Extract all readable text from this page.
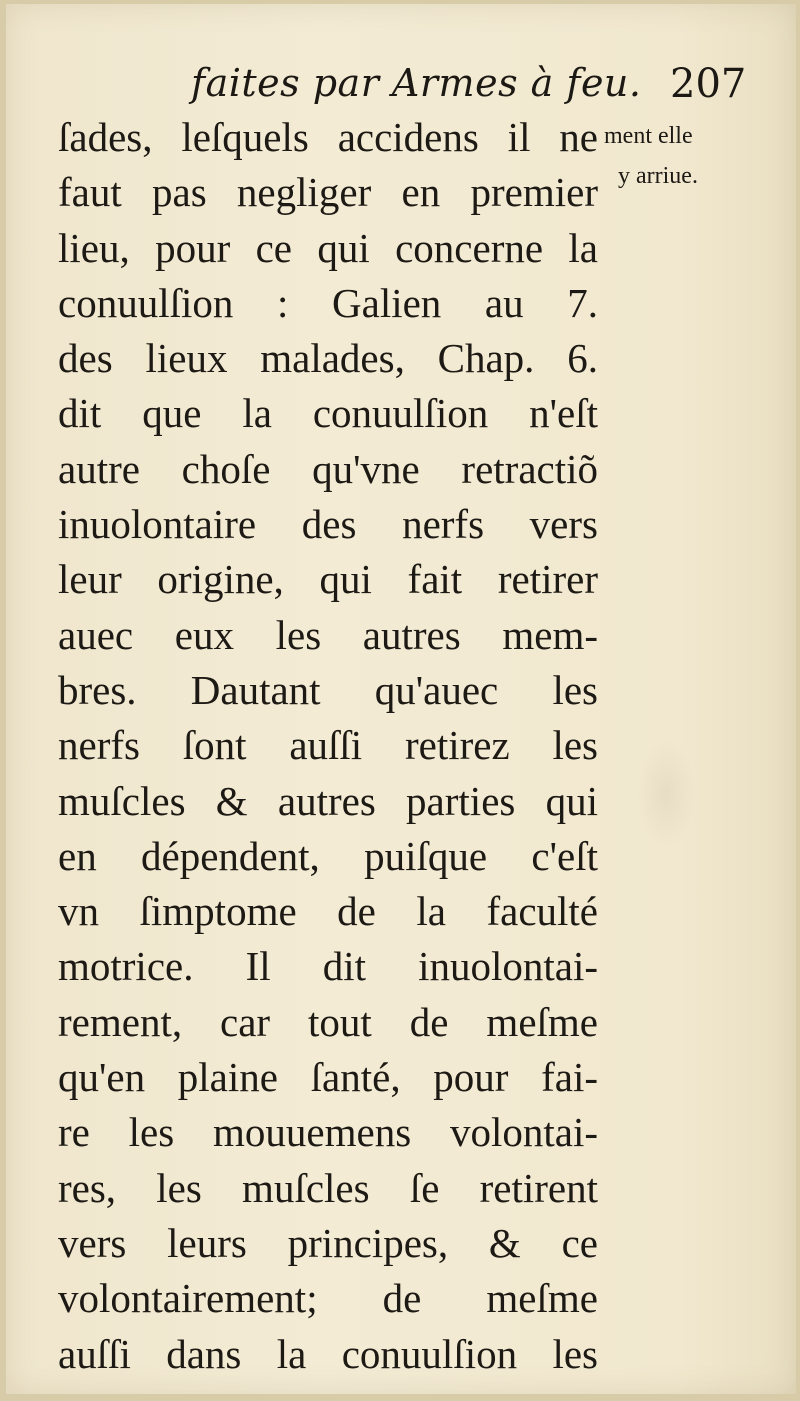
faites par Armes à feu. 207
ment elle
y arriue.
ſades, leſquels accidens il ne
faut pas negliger en premier
lieu, pour ce qui concerne la
conuulſion : Galien au 7.
des lieux malades, Chap. 6.
dit que la conuulſion n'eſt
autre choſe qu'vne retractiõ
inuolontaire des nerfs vers
leur origine, qui fait retirer
auec eux les autres mem-
bres. Dautant qu'auec les
nerfs ſont auſſi retirez les
muſcles & autres parties qui
en dépendent, puiſque c'eſt
vn ſimptome de la faculté
motrice. Il dit inuolontai-
rement, car tout de meſme
qu'en plaine ſanté, pour fai-
re les mouuemens volontai-
res, les muſcles ſe retirent
vers leurs principes, & ce
volontairement; de meſme
auſſi dans la conuulſion les
